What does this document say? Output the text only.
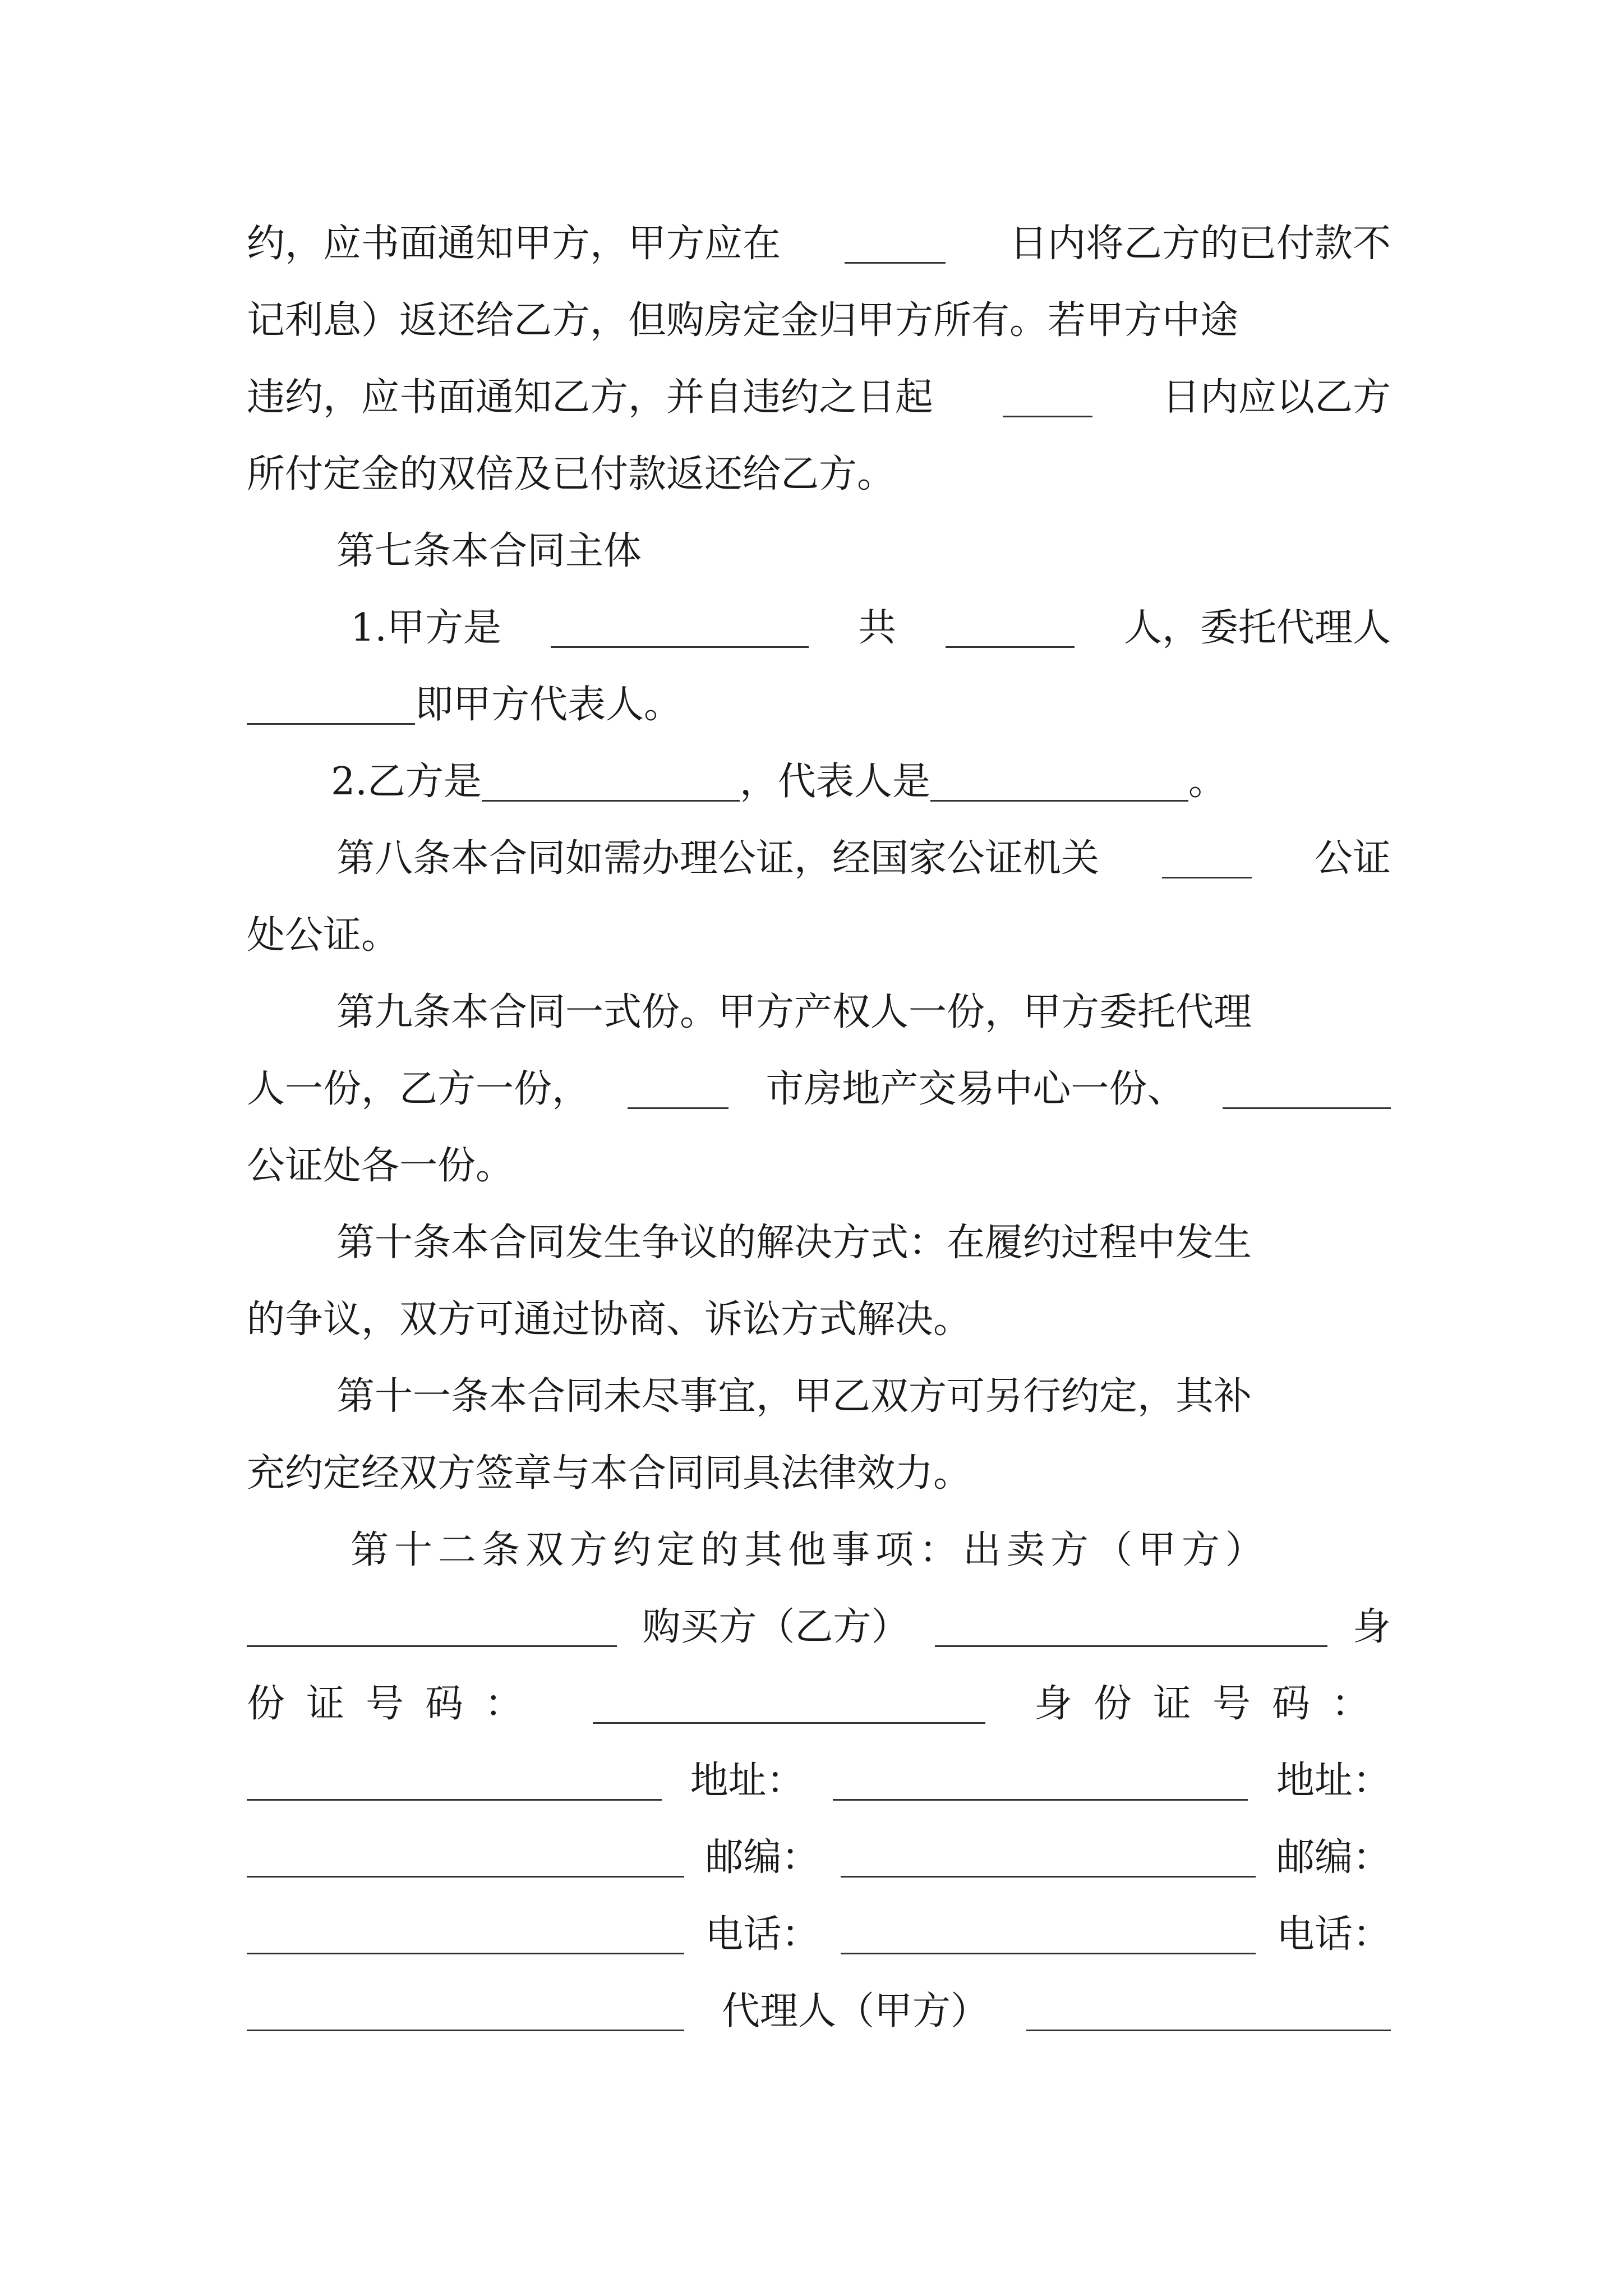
约，应书面通知甲方，甲方应在	日内将乙方的已付款不
记利息）返还给乙方，但购房定金归甲方所有。若甲方中途
违约，应书面通知乙方，并自违约之日起	日内应以乙方
所付定金的双倍及已付款返还给乙方。
第七条本合同主体
1.甲方是	共	人，委托代理人
即甲方代表人。
2.乙方是	，代表人是	。
第八条本合同如需办理公证，经国家公证机关	公证
处公证。
第九条本合同一式份。甲方产权人一份，甲方委托代理
人一份，乙方一份，	市房地产交易中心一份、
公证处各一份。
第十条本合同发生争议的解决方式：在履约过程中发生
的争议，双方可通过协商、诉讼方式解决。
第十一条本合同未尽事宜，甲乙双方可另行约定，其补
充约定经双方签章与本合同同具法律效力。
第十二条双方约定的其他事项：出卖方（甲方）
购买方（乙方）	身
份证号码：	身份证号码：
地址：	地址：
邮编：	邮编：
电话：	电话：
代理人（甲方）
